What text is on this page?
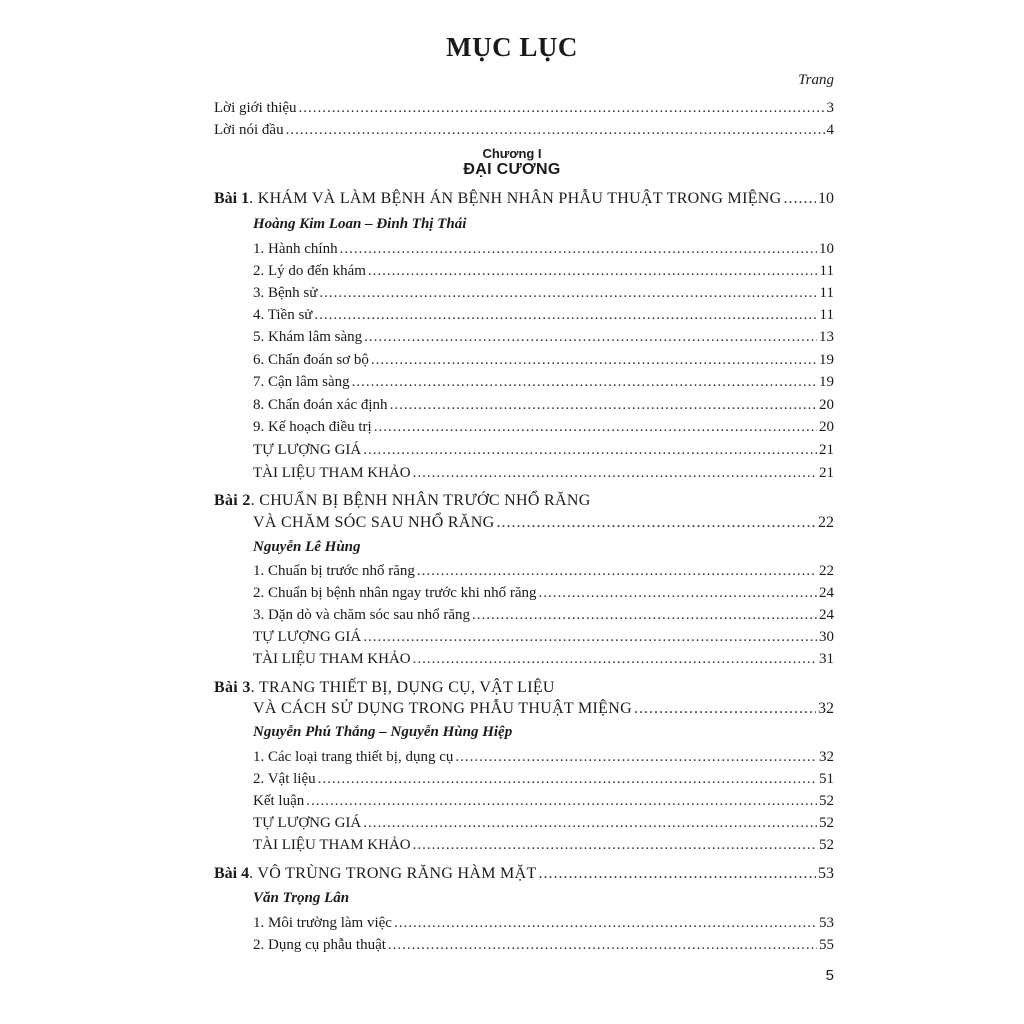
MỤC LỤC
Trang
Lời giới thiệu .....	3
Lời nói đầu .....	4
Chương I
ĐẠI CƯƠNG
Bài 1. KHÁM VÀ LÀM BỆNH ÁN BỆNH NHÂN PHẪU THUẬT TRONG MIỆNG ..... 10
Hoàng Kim Loan – Đinh Thị Thái
1. Hành chính .....	10
2. Lý do đến khám .....	11
3. Bệnh sử .....	11
4. Tiền sử .....	11
5. Khám lâm sàng .....	13
6. Chẩn đoán sơ bộ .....	19
7. Cận lâm sàng .....	19
8. Chẩn đoán xác định .....	20
9. Kế hoạch điều trị .....	20
TỰ LƯỢNG GIÁ .....	21
TÀI LIỆU THAM KHẢO .....	21
Bài 2. CHUẨN BỊ BỆNH NHÂN TRƯỚC NHỔ RĂNG
VÀ CHĂM SÓC SAU NHỔ RĂNG .....	22
Nguyễn Lê Hùng
1. Chuẩn bị trước nhổ răng .....	22
2. Chuẩn bị bệnh nhân ngay trước khi nhổ răng .....	24
3. Dặn dò và chăm sóc sau nhổ răng .....	24
TỰ LƯỢNG GIÁ .....	30
TÀI LIỆU THAM KHẢO .....	31
Bài 3. TRANG THIẾT BỊ, DỤNG CỤ, VẬT LIỆU
VÀ CÁCH SỬ DỤNG TRONG PHẪU THUẬT MIỆNG .....	32
Nguyễn Phú Thắng – Nguyễn Hùng Hiệp
1. Các loại trang thiết bị, dụng cụ .....	32
2. Vật liệu .....	51
Kết luận .....	52
TỰ LƯỢNG GIÁ .....	52
TÀI LIỆU THAM KHẢO .....	52
Bài 4. VÔ TRÙNG TRONG RĂNG HÀM MẶT .....	53
Văn Trọng Lân
1. Môi trường làm việc .....	53
2. Dụng cụ phẫu thuật .....	55
5
